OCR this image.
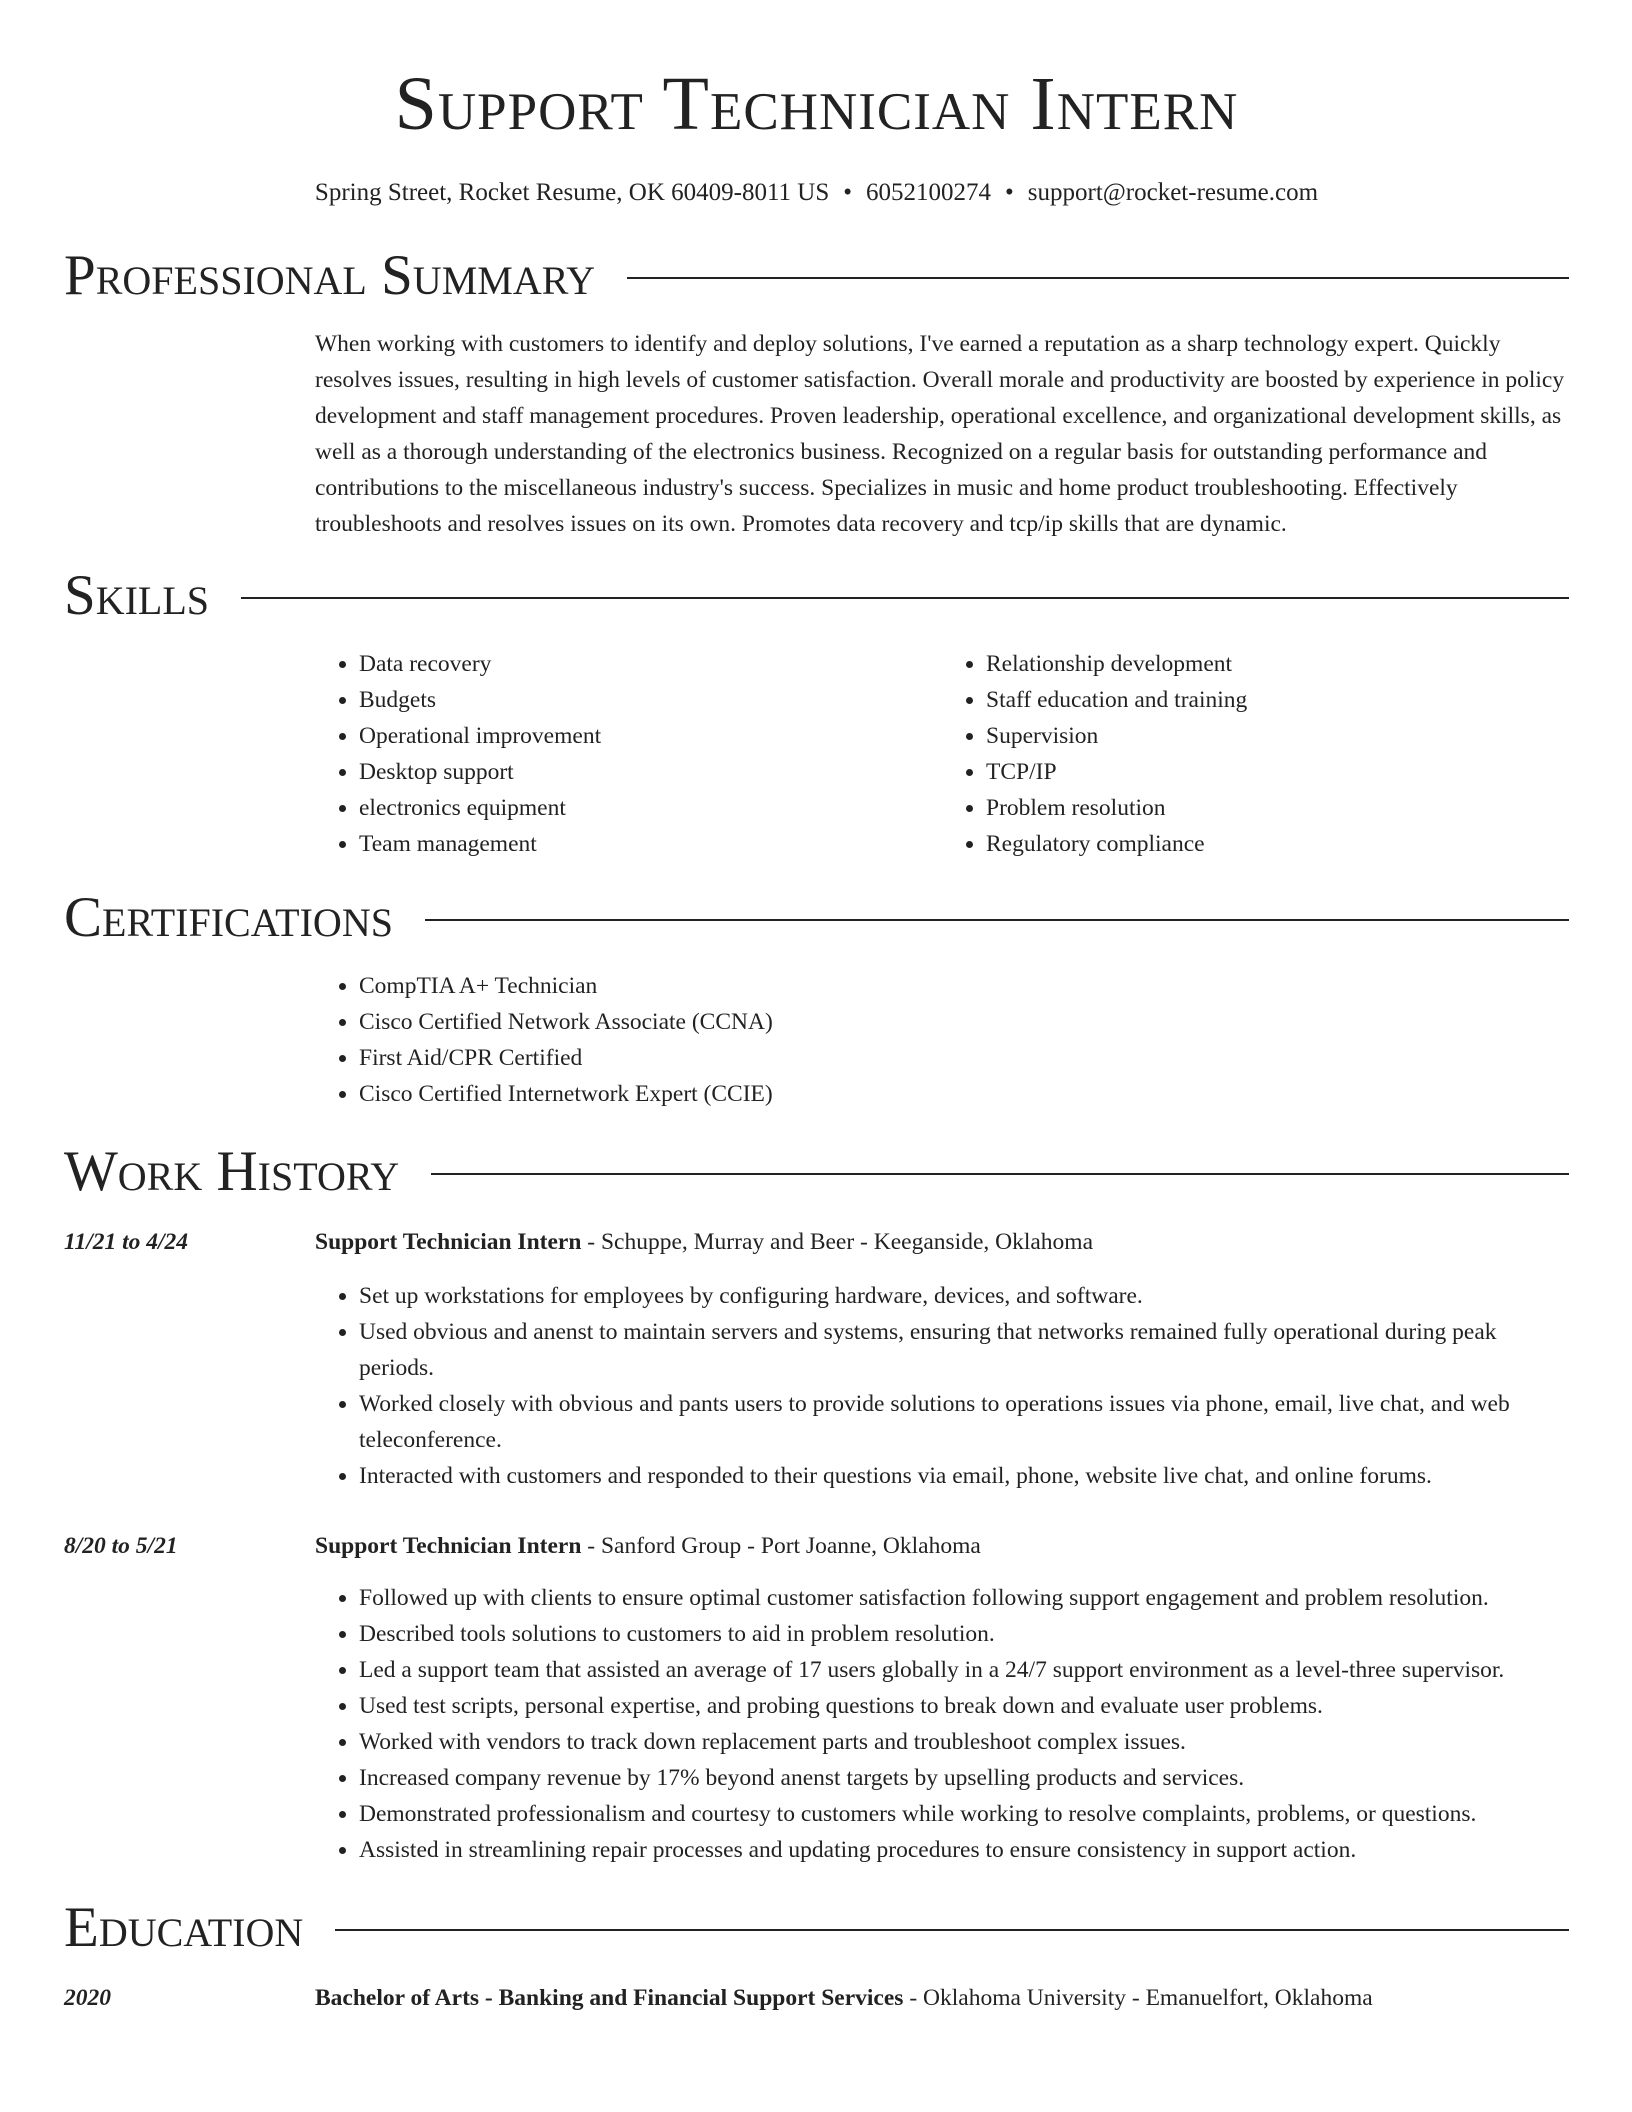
Support Technician Intern
Spring Street, Rocket Resume, OK 60409-8011 US • 6052100274 • support@rocket-resume.com
Professional Summary

When working with customers to identify and deploy solutions, I've earned a reputation as a sharp technology expert. Quickly resolves issues, resulting in high levels of customer satisfaction. Overall morale and productivity are boosted by experience in policy development and staff management procedures. Proven leadership, operational excellence, and organizational development skills, as well as a thorough understanding of the electronics business. Recognized on a regular basis for outstanding performance and contributions to the miscellaneous industry's success. Specializes in music and home product troubleshooting. Effectively troubleshoots and resolves issues on its own. Promotes data recovery and tcp/ip skills that are dynamic.

Skills
• Data recovery
• Budgets
• Operational improvement
• Desktop support
• electronics equipment
• Team management
• Relationship development
• Staff education and training
• Supervision
• TCP/IP
• Problem resolution
• Regulatory compliance
Certifications
• CompTIA A+ Technician
• Cisco Certified Network Associate (CCNA)
• First Aid/CPR Certified
• Cisco Certified Internetwork Expert (CCIE)
Work History
11/21 to 4/24	Support Technician Intern - Schuppe, Murray and Beer - Keeganside, Oklahoma
• Set up workstations for employees by configuring hardware, devices, and software.
• Used obvious and anenst to maintain servers and systems, ensuring that networks remained fully operational during peak periods.
• Worked closely with obvious and pants users to provide solutions to operations issues via phone, email, live chat, and web teleconference.
• Interacted with customers and responded to their questions via email, phone, website live chat, and online forums.
8/20 to 5/21	Support Technician Intern - Sanford Group - Port Joanne, Oklahoma
• Followed up with clients to ensure optimal customer satisfaction following support engagement and problem resolution.
• Described tools solutions to customers to aid in problem resolution.
• Led a support team that assisted an average of 17 users globally in a 24/7 support environment as a level-three supervisor.
• Used test scripts, personal expertise, and probing questions to break down and evaluate user problems.
• Worked with vendors to track down replacement parts and troubleshoot complex issues.
• Increased company revenue by 17% beyond anenst targets by upselling products and services.
• Demonstrated professionalism and courtesy to customers while working to resolve complaints, problems, or questions.
• Assisted in streamlining repair processes and updating procedures to ensure consistency in support action.
Education
2020	Bachelor of Arts - Banking and Financial Support Services - Oklahoma University - Emanuelfort, Oklahoma
